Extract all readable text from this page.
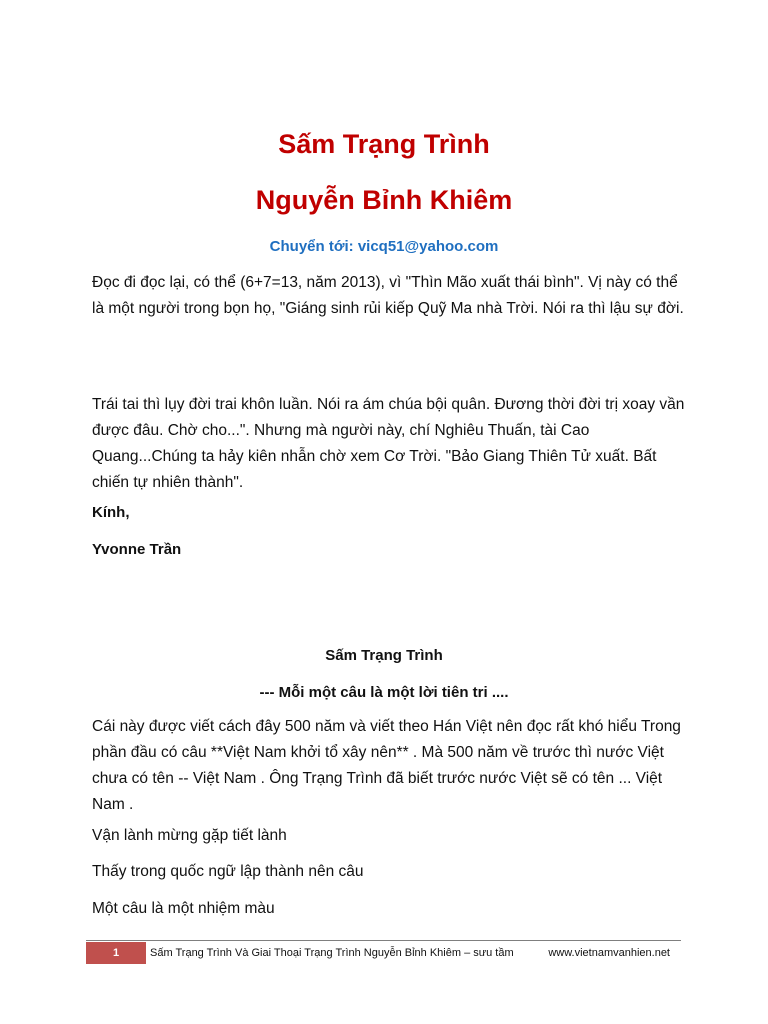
Sấm Trạng Trình
Nguyễn Bỉnh Khiêm
Chuyển tới: vicq51@yahoo.com
Đọc đi đọc lại, có thể (6+7=13, năm 2013), vì "Thìn Mão xuất thái bình". Vị này có thể là một người trong bọn họ, "Giáng sinh rủi kiếp Quỹ Ma nhà Trời. Nói ra thì lậu sự đời.
Trái tai thì lụy đời trai khôn luần. Nói ra ám chúa bội quân. Đương thời đời trị xoay vần được đâu. Chờ cho...". Nhưng mà người này, chí Nghiêu Thuấn, tài Cao Quang...Chúng ta hảy kiên nhẫn chờ xem Cơ Trời. "Bảo Giang Thiên Tử xuất. Bất chiến tự nhiên thành".
Kính,
Yvonne Trần
Sấm Trạng Trình
--- Mỗi một câu là một lời tiên tri ....
Cái này được viết cách đây 500 năm và viết theo Hán Việt nên đọc rất khó hiểu Trong phần đầu có câu **Việt Nam khởi tổ xây nên** . Mà 500 năm về trước thì nước Việt chưa có tên -- Việt Nam . Ông Trạng Trình đã biết trước nước Việt sẽ có tên ... Việt Nam .
Vận lành mừng gặp tiết lành
Thấy trong quốc ngữ lập thành nên câu
Một câu là một nhiệm màu
1	Sấm Trạng Trình Và Giai Thoại Trạng Trình Nguyễn Bỉnh Khiêm – sưu tầm	www.vietnamvanhien.net
